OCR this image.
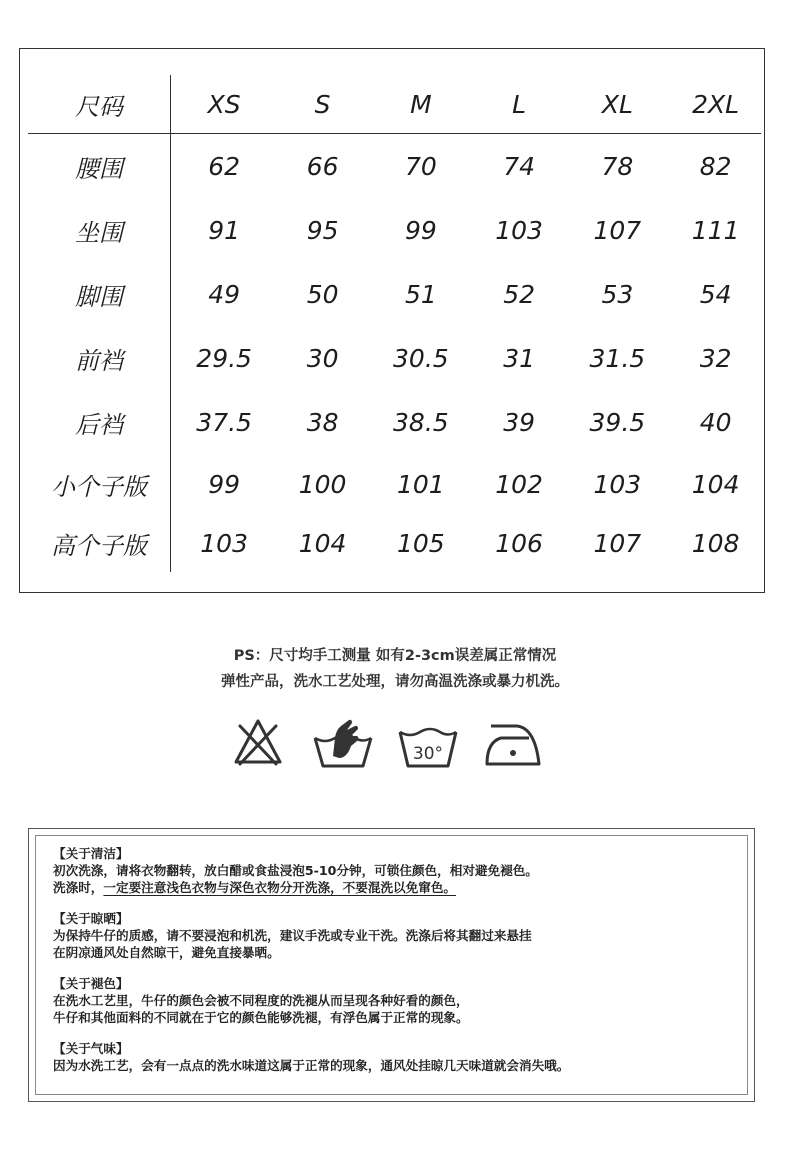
尺码	XS	S	M	L	XL	2XL
腰围	62	66	70	74	78	82
坐围	91	95	99	103	107	111
脚围	49	50	51	52	53	54
前裆	29.5	30	30.5	31	31.5	32
后裆	37.5	38	38.5	39	39.5	40
小个子版	99	100	101	102	103	104
高个子版	103	104	105	106	107	108
PS：尺寸均手工测量 如有2-3cm误差属正常情况
弹性产品，洗水工艺处理，请勿高温洗涤或暴力机洗。
30°
【关于清洁】
初次洗涤，请将衣物翻转，放白醋或食盐浸泡5-10分钟，可锁住颜色，相对避免褪色。
洗涤时，一定要注意浅色衣物与深色衣物分开洗涤，不要混洗以免窜色。
【关于晾晒】
为保持牛仔的质感，请不要浸泡和机洗，建议手洗或专业干洗。洗涤后将其翻过来悬挂
在阴凉通风处自然晾干，避免直接暴晒。
【关于褪色】
在洗水工艺里，牛仔的颜色会被不同程度的洗褪从而呈现各种好看的颜色，
牛仔和其他面料的不同就在于它的颜色能够洗褪，有浮色属于正常的现象。
【关于气味】
因为水洗工艺，会有一点点的洗水味道这属于正常的现象，通风处挂晾几天味道就会消失哦。
